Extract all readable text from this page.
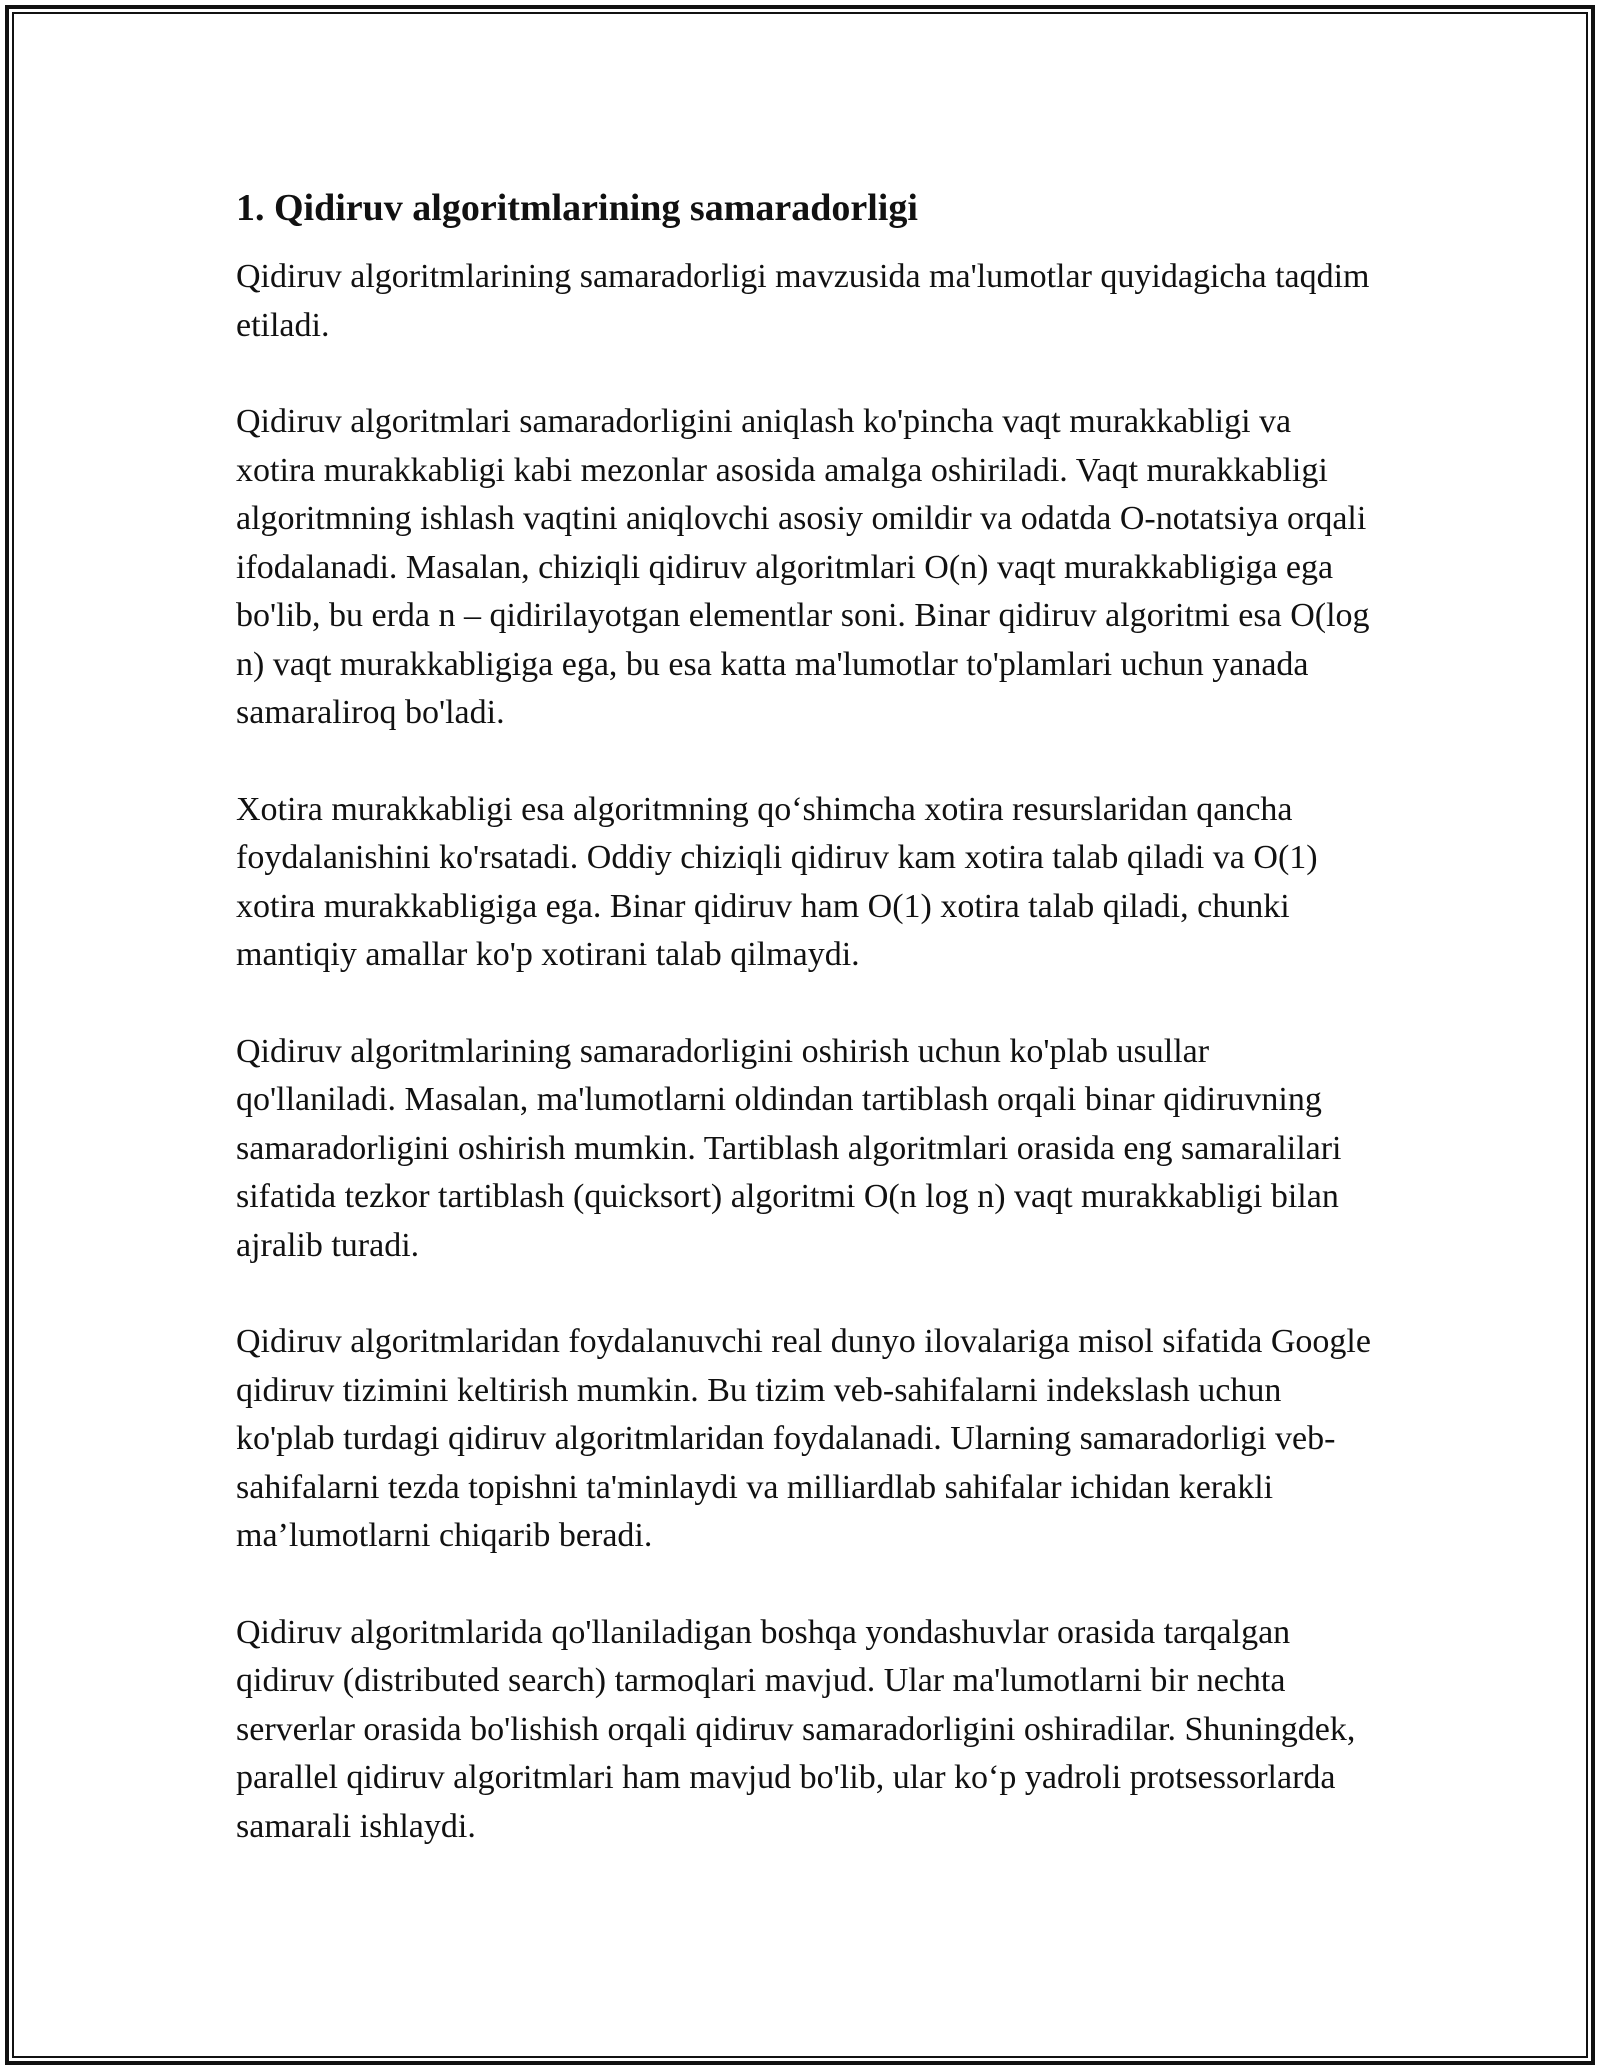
1. Qidiruv algoritmlarining samaradorligi

Qidiruv algoritmlarining samaradorligi mavzusida ma'lumotlar quyidagicha taqdim etiladi.

Qidiruv algoritmlari samaradorligini aniqlash ko'pincha vaqt murakkabligi va xotira murakkabligi kabi mezonlar asosida amalga oshiriladi. Vaqt murakkabligi algoritmning ishlash vaqtini aniqlovchi asosiy omildir va odatda O-notatsiya orqali ifodalanadi. Masalan, chiziqli qidiruv algoritmlari O(n) vaqt murakkabligiga ega bo'lib, bu erda n – qidirilayotgan elementlar soni. Binar qidiruv algoritmi esa O(log n) vaqt murakkabligiga ega, bu esa katta ma'lumotlar to'plamlari uchun yanada samaraliroq bo'ladi.

Xotira murakkabligi esa algoritmning qo‘shimcha xotira resurslaridan qancha foydalanishini ko'rsatadi. Oddiy chiziqli qidiruv kam xotira talab qiladi va O(1) xotira murakkabligiga ega. Binar qidiruv ham O(1) xotira talab qiladi, chunki mantiqiy amallar ko'p xotirani talab qilmaydi.

Qidiruv algoritmlarining samaradorligini oshirish uchun ko'plab usullar qo'llaniladi. Masalan, ma'lumotlarni oldindan tartiblash orqali binar qidiruvning samaradorligini oshirish mumkin. Tartiblash algoritmlari orasida eng samaralilari sifatida tezkor tartiblash (quicksort) algoritmi O(n log n) vaqt murakkabligi bilan ajralib turadi.

Qidiruv algoritmlaridan foydalanuvchi real dunyo ilovalariga misol sifatida Google qidiruv tizimini keltirish mumkin. Bu tizim veb-sahifalarni indekslash uchun ko'plab turdagi qidiruv algoritmlaridan foydalanadi. Ularning samaradorligi veb-sahifalarni tezda topishni ta'minlaydi va milliardlab sahifalar ichidan kerakli ma’lumotlarni chiqarib beradi.

Qidiruv algoritmlarida qo'llaniladigan boshqa yondashuvlar orasida tarqalgan qidiruv (distributed search) tarmoqlari mavjud. Ular ma'lumotlarni bir nechta serverlar orasida bo'lishish orqali qidiruv samaradorligini oshiradilar. Shuningdek, parallel qidiruv algoritmlari ham mavjud bo'lib, ular ko‘p yadroli protsessorlarda samarali ishlaydi.
